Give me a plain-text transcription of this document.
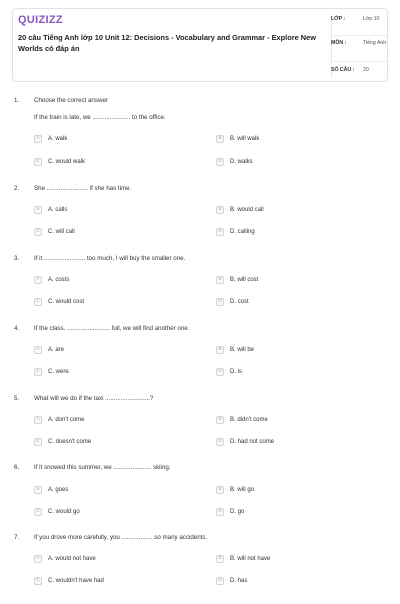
QUIZIZZ
20 câu Tiếng Anh lớp 10 Unit 12: Decisions - Vocabulary and Grammar - Explore New Worlds có đáp án
LỚP :	Lớp 10
MÔN :	Tiếng Anh
SỐ CÂU : 20
1. Choose the correct answer
If the train is late, we ...................... to the office.
A	A. walk	B	B. will walk
C	C. would walk	D	D. walks
2. She ........................ if she has time.
A	A. calls	B	B. would call
C	C. will call	D	D. calling
3. If it ........................ too much, I will buy the smaller one.
A	A. costs	B	B. will cost
C	C. would cost	D	D. cost
4. If the class. ......................... full, we will find another one.
A	A. are	B	B. will be
C	C. were	D	D. is
5. What will we do if the taxi ..........................?
A	A. don't come	B	B. didn't come
C	C. doesn't come	D	D. had not come
6. If it snowed this summer, we ...................... skiing.
A	A. goes	B	B. will go
C	C. would go	D	D. go
7. If you drove more carefully, you ...................so many accidents.
A	A. would not have	B	B. will not have
C	C. wouldn't have had	D	D. has
